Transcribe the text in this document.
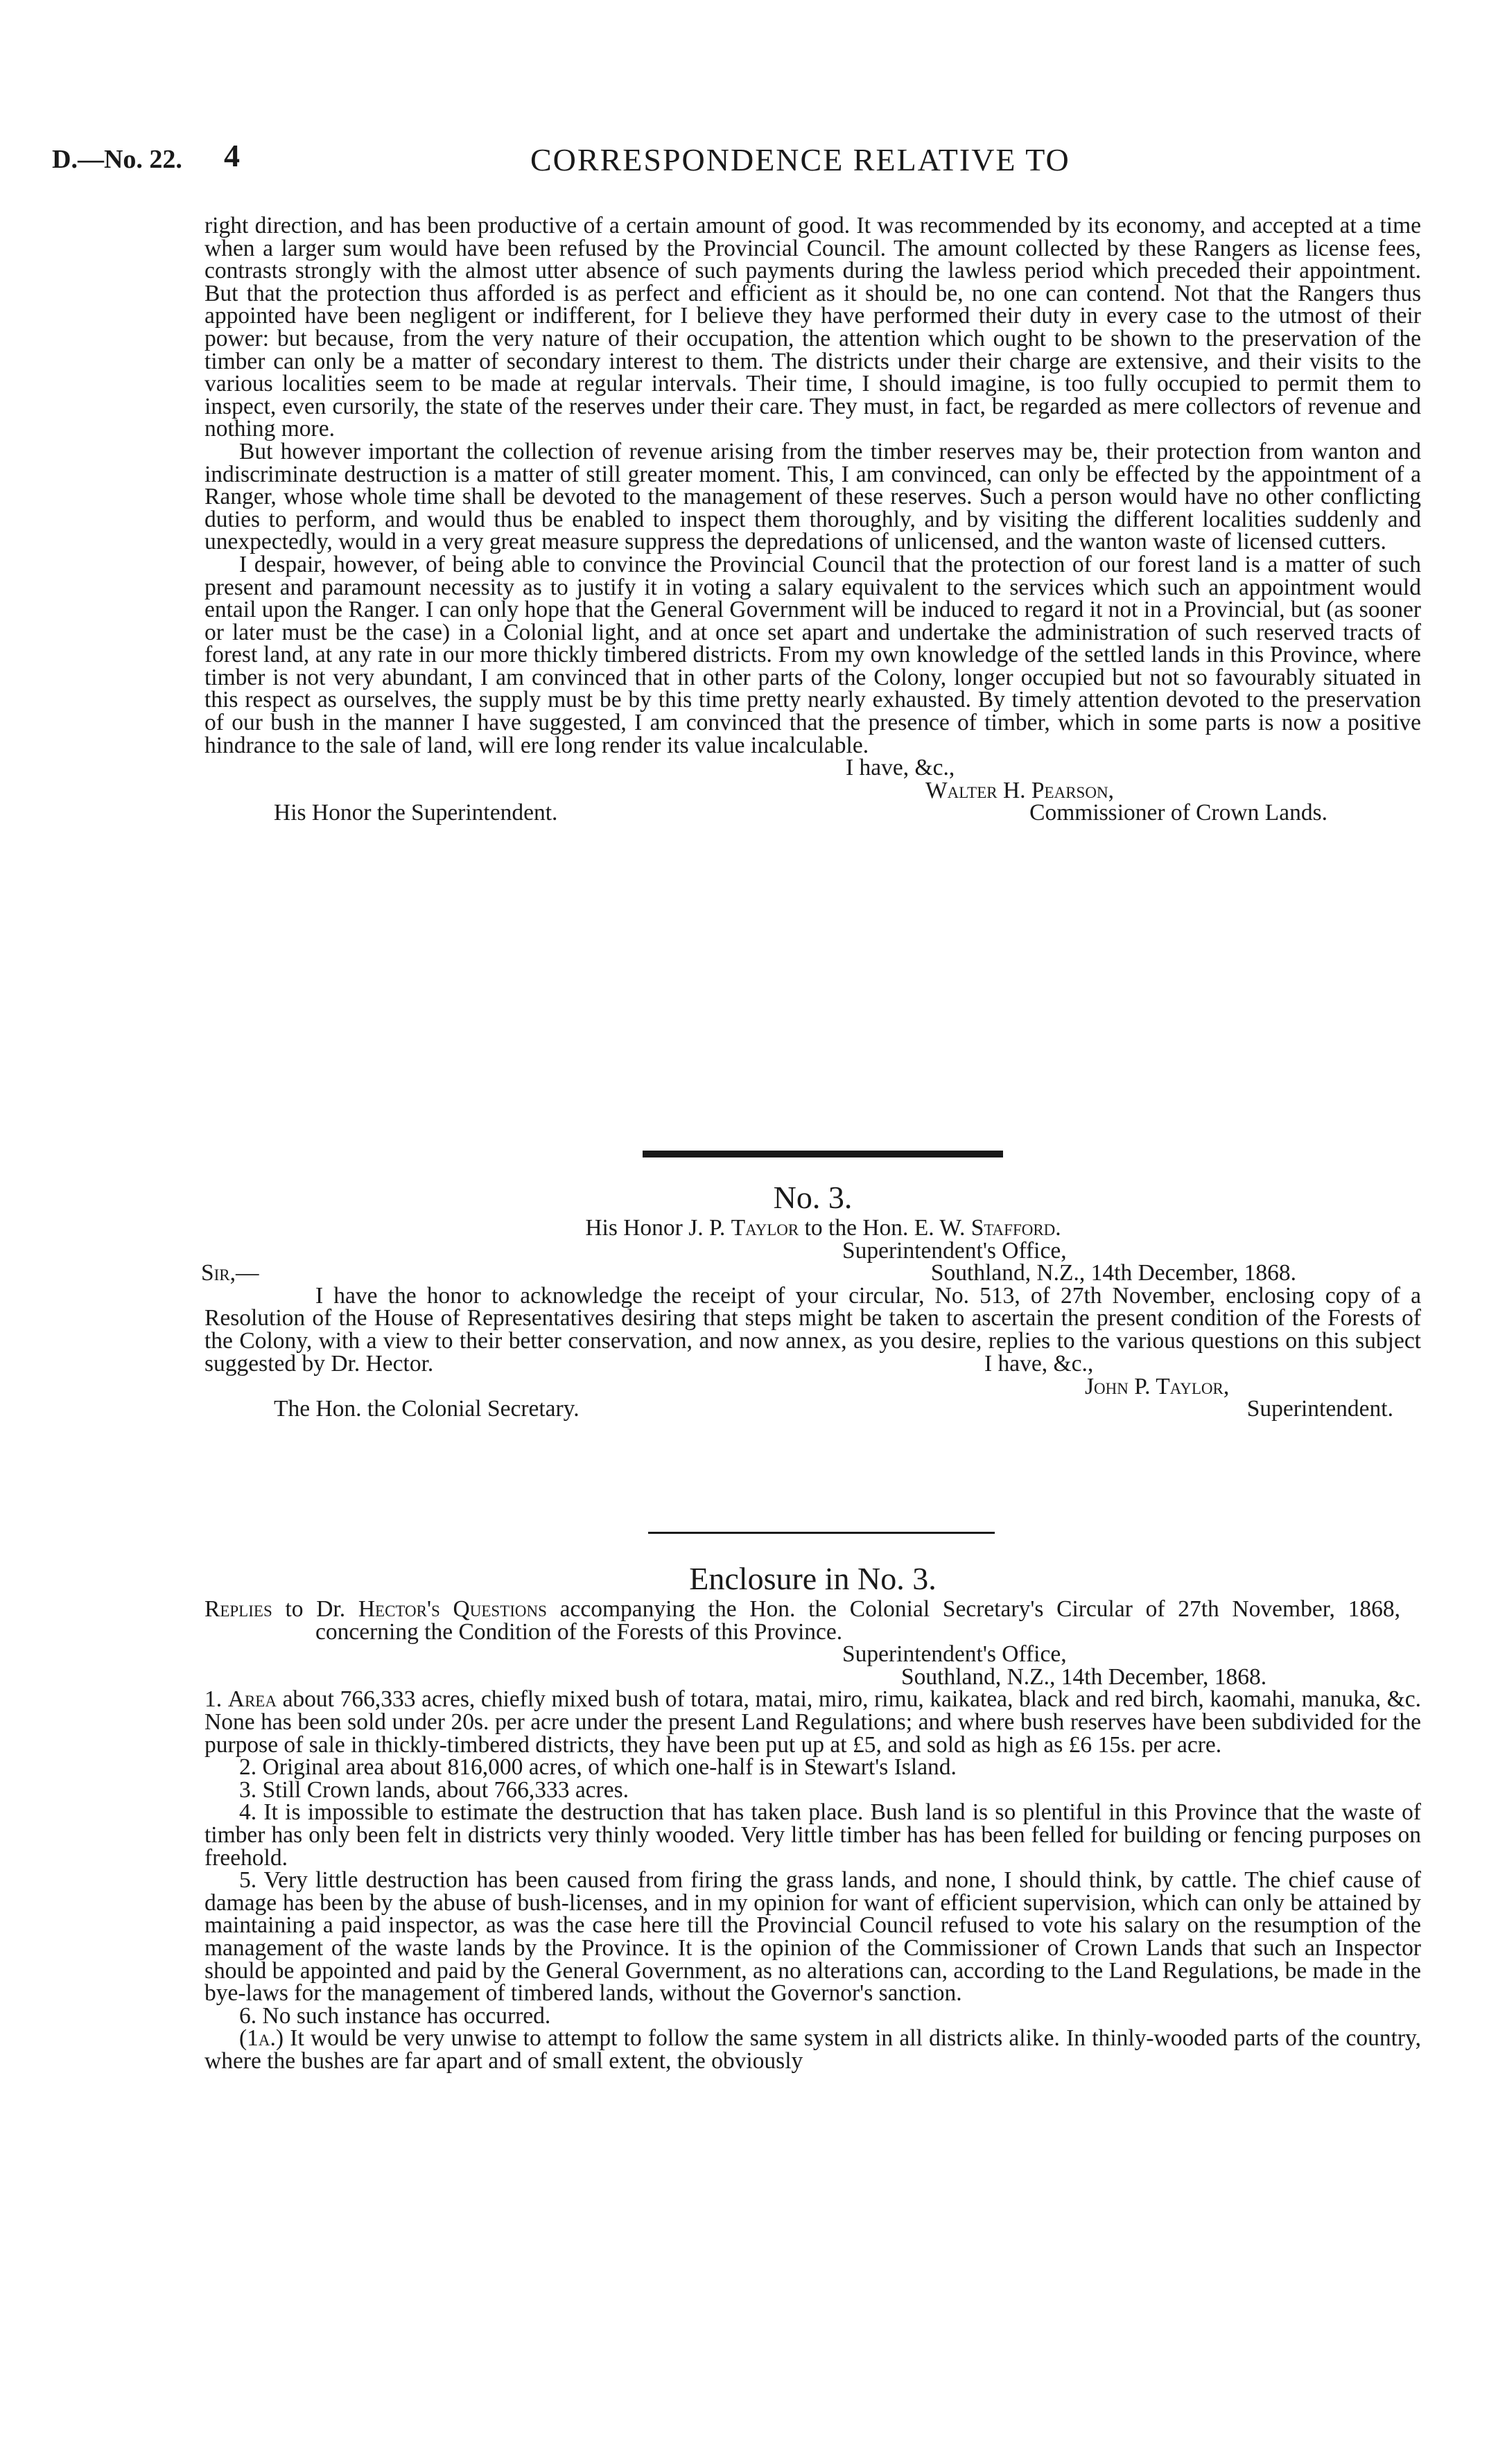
D.—No. 22. 4	CORRESPONDENCE RELATIVE TO

right direction, and has been productive of a certain amount of good. It was recommended by its economy, and accepted at a time when a larger sum would have been refused by the Provincial Council. The amount collected by these Rangers as license fees, contrasts strongly with the almost utter absence of such payments during the lawless period which preceded their appointment. But that the protection thus afforded is as perfect and efficient as it should be, no one can contend. Not that the Rangers thus appointed have been negligent or indifferent, for I believe they have performed their duty in every case to the utmost of their power: but because, from the very nature of their occupation, the attention which ought to be shown to the preservation of the timber can only be a matter of secondary interest to them. The districts under their charge are extensive, and their visits to the various localities seem to be made at regular intervals. Their time, I should imagine, is too fully occupied to permit them to inspect, even cursorily, the state of the reserves under their care. They must, in fact, be regarded as mere collectors of revenue and nothing more.

But however important the collection of revenue arising from the timber reserves may be, their protection from wanton and indiscriminate destruction is a matter of still greater moment. This, I am convinced, can only be effected by the appointment of a Ranger, whose whole time shall be devoted to the management of these reserves. Such a person would have no other conflicting duties to perform, and would thus be enabled to inspect them thoroughly, and by visiting the different localities suddenly and unexpectedly, would in a very great measure suppress the depredations of unlicensed, and the wanton waste of licensed cutters.

I despair, however, of being able to convince the Provincial Council that the protection of our forest land is a matter of such present and paramount necessity as to justify it in voting a salary equivalent to the services which such an appointment would entail upon the Ranger. I can only hope that the General Government will be induced to regard it not in a Provincial, but (as sooner or later must be the case) in a Colonial light, and at once set apart and undertake the administration of such reserved tracts of forest land, at any rate in our more thickly timbered districts. From my own knowledge of the settled lands in this Province, where timber is not very abundant, I am convinced that in other parts of the Colony, longer occupied but not so favourably situated in this respect as ourselves, the supply must be by this time pretty nearly exhausted. By timely attention devoted to the preservation of our bush in the manner I have suggested, I am convinced that the presence of timber, which in some parts is now a positive hindrance to the sale of land, will ere long render its value incalculable.

I have, &c.,

Walter H. Pearson,

His Honor the Superintendent.	Commissioner of Crown Lands.

No. 3.

His Honor J. P. Taylor to the Hon. E. W. Stafford.

Superintendent's Office,

Sir,—	Southland, N.Z., 14th December, 1868.

I have the honor to acknowledge the receipt of your circular, No. 513, of 27th November, enclosing copy of a Resolution of the House of Representatives desiring that steps might be taken to ascertain the present condition of the Forests of the Colony, with a view to their better conservation, and now annex, as you desire, replies to the various questions on this subject suggested by Dr. Hector.	I have, &c.,

John P. Taylor,

The Hon. the Colonial Secretary.	Superintendent.

Enclosure in No. 3.

Replies to Dr. Hector's Questions accompanying the Hon. the Colonial Secretary's Circular of 27th November, 1868, concerning the Condition of the Forests of this Province.

Superintendent's Office,

Southland, N.Z., 14th December, 1868.

1. Area about 766,333 acres, chiefly mixed bush of totara, matai, miro, rimu, kaikatea, black and red birch, kaomahi, manuka, &c. None has been sold under 20s. per acre under the present Land Regulations; and where bush reserves have been subdivided for the purpose of sale in thickly-timbered districts, they have been put up at £5, and sold as high as £6 15s. per acre.

2. Original area about 816,000 acres, of which one-half is in Stewart's Island.

3. Still Crown lands, about 766,333 acres.

4. It is impossible to estimate the destruction that has taken place. Bush land is so plentiful in this Province that the waste of timber has only been felt in districts very thinly wooded. Very little timber has has been felled for building or fencing purposes on freehold.

5. Very little destruction has been caused from firing the grass lands, and none, I should think, by cattle. The chief cause of damage has been by the abuse of bush-licenses, and in my opinion for want of efficient supervision, which can only be attained by maintaining a paid inspector, as was the case here till the Provincial Council refused to vote his salary on the resumption of the management of the waste lands by the Province. It is the opinion of the Commissioner of Crown Lands that such an Inspector should be appointed and paid by the General Government, as no alterations can, according to the Land Regulations, be made in the bye-laws for the management of timbered lands, without the Governor's sanction.

6. No such instance has occurred.

(1a.) It would be very unwise to attempt to follow the same system in all districts alike. In thinly-wooded parts of the country, where the bushes are far apart and of small extent, the obviously
